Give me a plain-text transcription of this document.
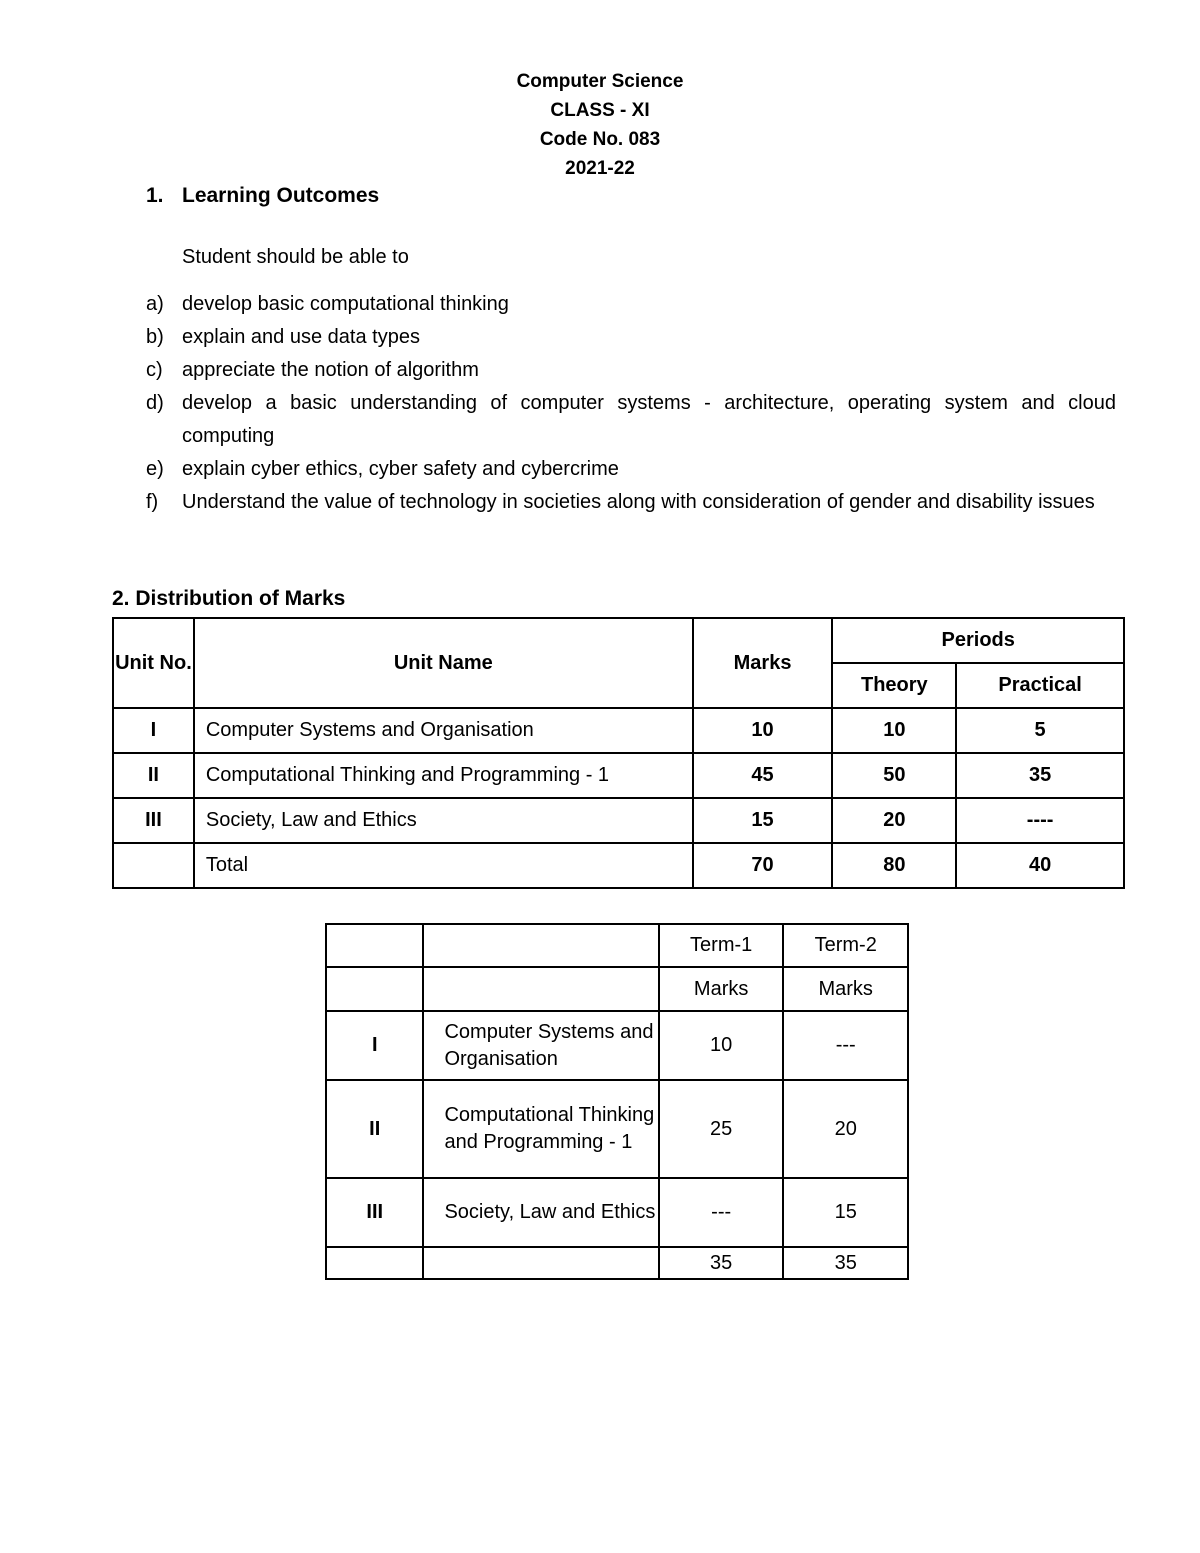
Computer Science
CLASS - XI
Code No. 083
2021-22
1. Learning Outcomes
Student should be able to
a) develop basic computational thinking
b) explain and use data types
c) appreciate the notion of algorithm
d) develop a basic understanding of computer systems - architecture, operating system and cloud computing
e) explain cyber ethics, cyber safety and cybercrime
f)	Understand the value of technology in societies along with consideration of gender and disability issues
2. Distribution of Marks
Unit No.	Unit Name	Marks	Periods	
			Theory	Practical
I	Computer Systems and Organisation	10	10	5
II	Computational Thinking and Programming - 1	45	50	35
III	Society, Law and Ethics	15	20	----
	Total	70	80	40
		Term-1	Term-2
		Marks	Marks
I	Computer Systems and Organisation	10	---
II	Computational Thinking and Programming - 1	25	20
III	Society, Law and Ethics	---	15
		35	35
